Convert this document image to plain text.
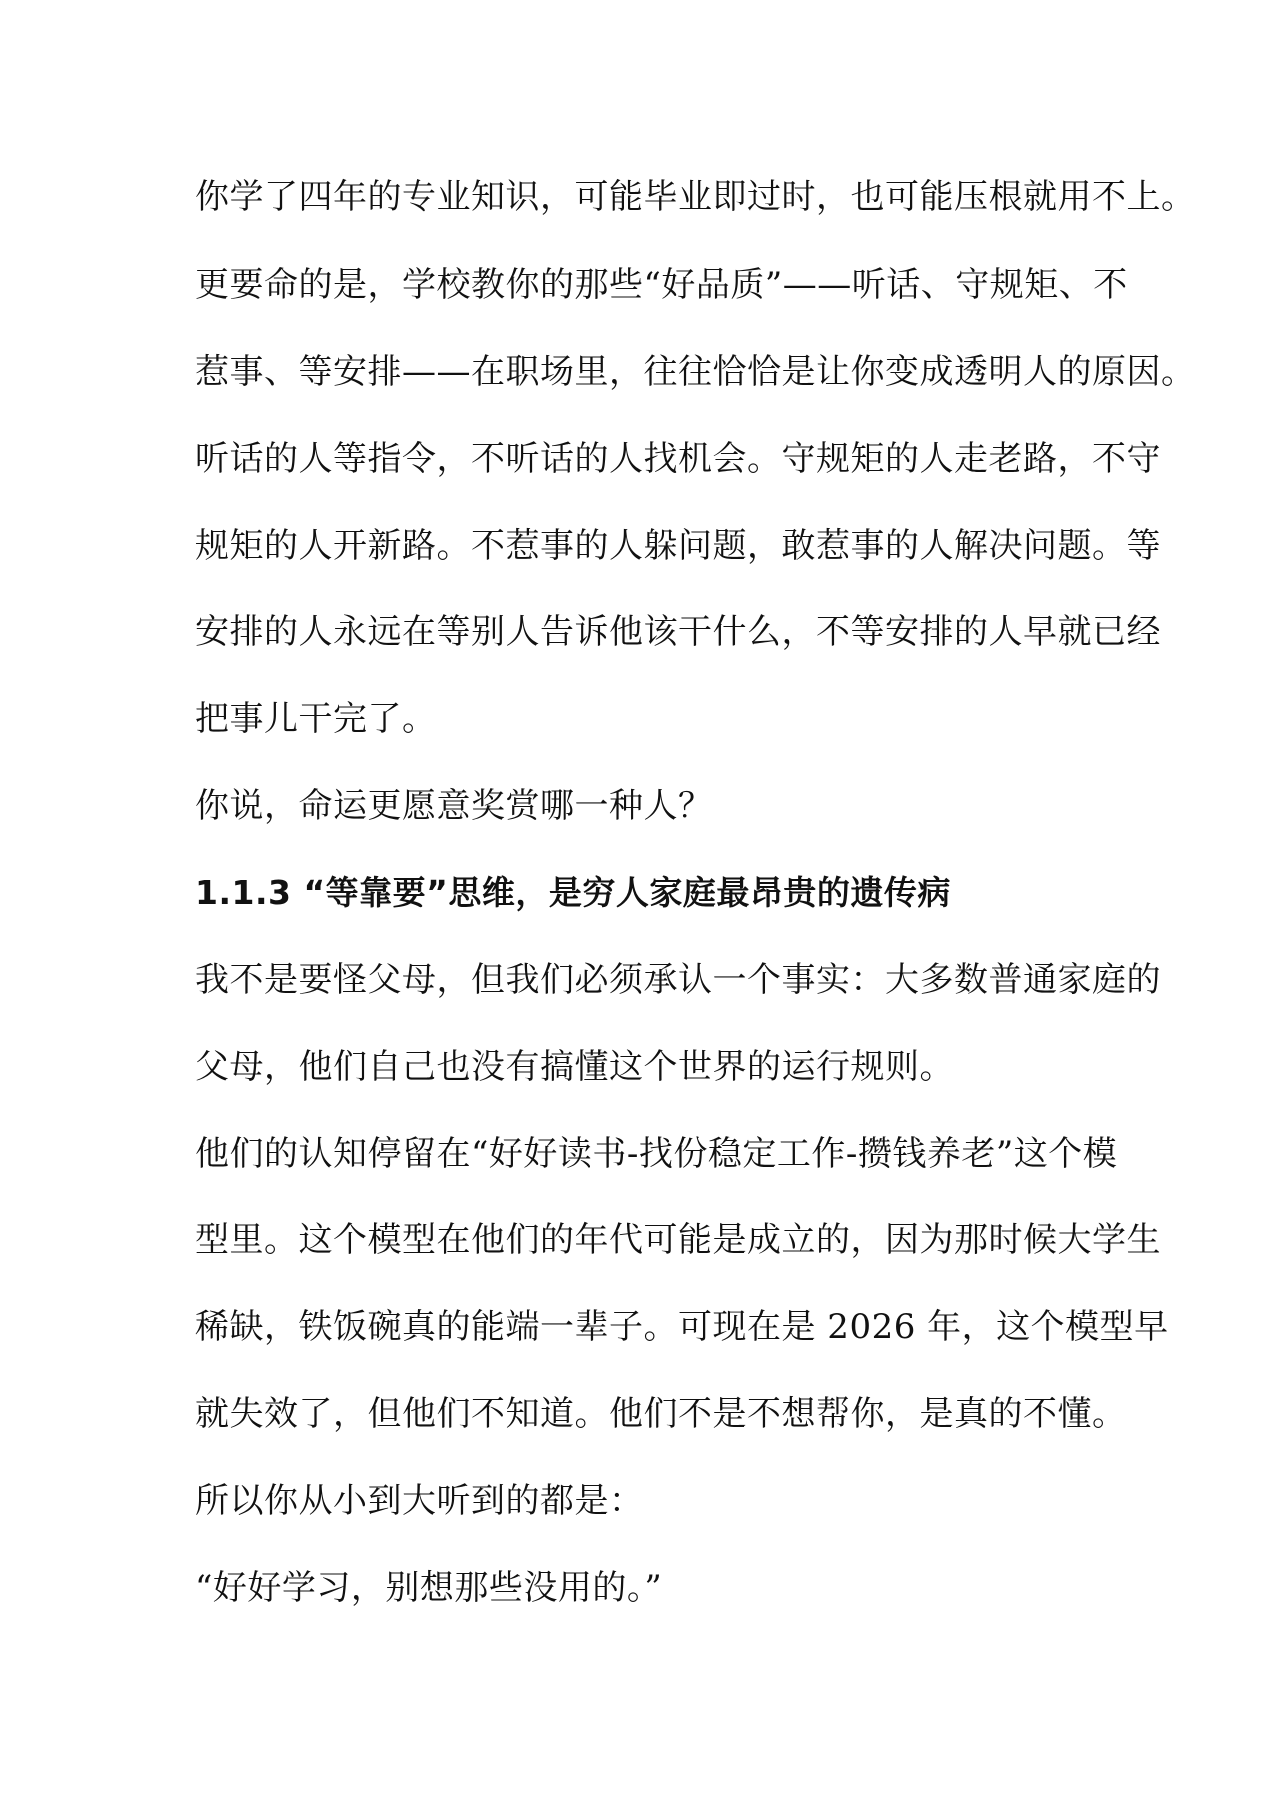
你学了四年的专业知识，可能毕业即过时，也可能压根就用不上。
更要命的是，学校教你的那些“好品质”——听话、守规矩、不
惹事、等安排——在职场里，往往恰恰是让你变成透明人的原因。
听话的人等指令，不听话的人找机会。守规矩的人走老路，不守
规矩的人开新路。不惹事的人躲问题，敢惹事的人解决问题。等
安排的人永远在等别人告诉他该干什么，不等安排的人早就已经
把事儿干完了。
你说，命运更愿意奖赏哪一种人？
1.1.3 “等靠要”思维，是穷人家庭最昂贵的遗传病
我不是要怪父母，但我们必须承认一个事实：大多数普通家庭的
父母，他们自己也没有搞懂这个世界的运行规则。
他们的认知停留在“好好读书-找份稳定工作-攒钱养老”这个模
型里。这个模型在他们的年代可能是成立的，因为那时候大学生
稀缺，铁饭碗真的能端一辈子。可现在是 2026 年，这个模型早
就失效了，但他们不知道。他们不是不想帮你，是真的不懂。
所以你从小到大听到的都是：
“好好学习，别想那些没用的。”
